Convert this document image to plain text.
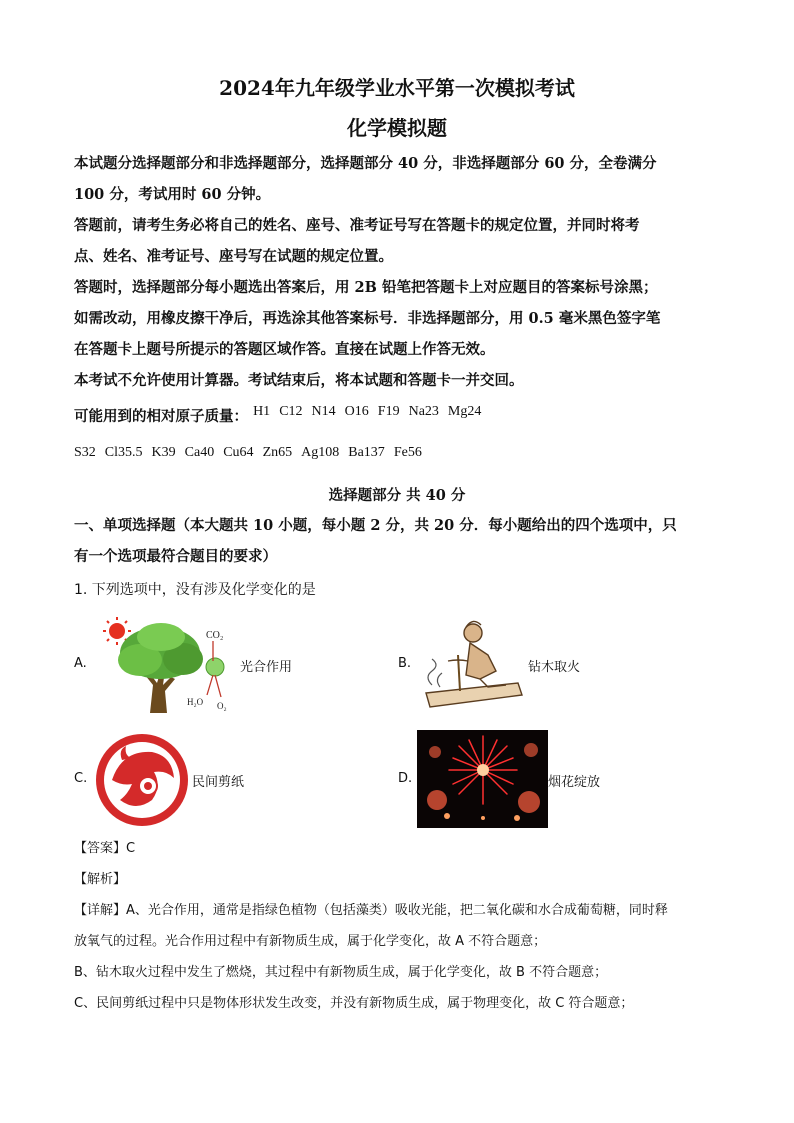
2024年九年级学业水平第一次模拟考试
化学模拟题
本试题分选择题部分和非选择题部分，选择题部分 40 分，非选择题部分 60 分，全卷满分
100 分，考试用时 60 分钟。
答题前，请考生务必将自己的姓名、座号、准考证号写在答题卡的规定位置，并同时将考
点、姓名、准考证号、座号写在试题的规定位置。
答题时，选择题部分每小题选出答案后，用 2B 铅笔把答题卡上对应题目的答案标号涂黑；
如需改动，用橡皮擦干净后，再选涂其他答案标号．非选择题部分，用 0.5 毫米黑色签字笔
在答题卡上题号所提示的答题区域作答。直接在试题上作答无效。
本考试不允许使用计算器。考试结束后，将本试题和答题卡一并交回。
可能用到的相对原子质量： H1 C12 N14 O16 F19 Na23 Mg24
S32 Cl35.5 K39 Ca40 Cu64 Zn65 Ag108 Ba137 Fe56
选择题部分 共 40 分
一、单项选择题（本大题共 10 小题，每小题 2 分，共 20 分．每小题给出的四个选项中，只
有一个选项最符合题目的要求）
1. 下列选项中，没有涉及化学变化的是
A.
CO₂
H₂O O₂
光合作用	B.	钻木取火
C.	民间剪纸	D.	烟花绽放
【答案】C
【解析】
【详解】A、光合作用，通常是指绿色植物（包括藻类）吸收光能，把二氧化碳和水合成葡萄糖，同时释
放氧气的过程。光合作用过程中有新物质生成，属于化学变化，故 A 不符合题意；
B、钻木取火过程中发生了燃烧，其过程中有新物质生成，属于化学变化，故 B 不符合题意；
C、民间剪纸过程中只是物体形状发生改变，并没有新物质生成，属于物理变化，故 C 符合题意；
